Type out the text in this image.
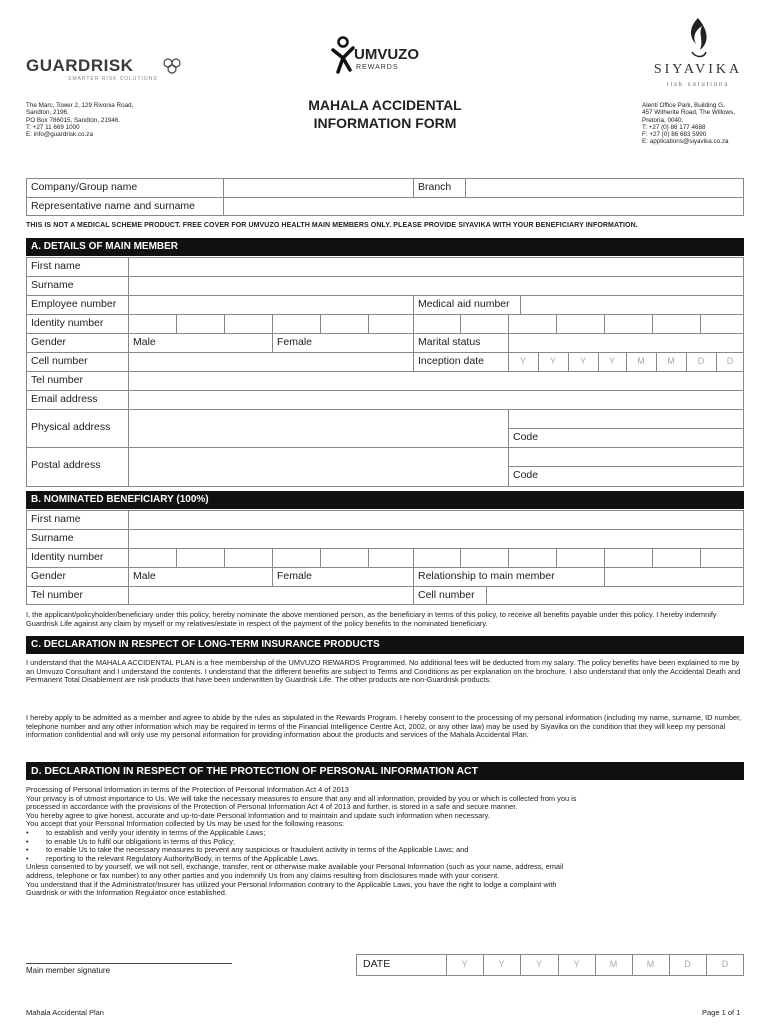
GUARDRISK
SMARTER RISK SOLUTIONS
UMVUZO
REWARDS	SIYAVIKA
risk solutions
The Marc, Tower 2, 129 Rivonia Road,
Sandton, 2196.
PO Box 786015, Sandton, 21946.
T: +27 11 669 1000
E: info@guardrisk.co.za
Alenti Office Park, Building G,
457 Witherite Road, The Willows,
Pretoria, 0040.
T: +27 (0) 86 177 4688
F: +27 (0) 86 683 5990
E: applications@siyavika.co.za
MAHALA ACCIDENTAL
INFORMATION FORM
Company/Group name	Branch
Representative name and surname
THIS IS NOT A MEDICAL SCHEME PRODUCT. FREE COVER FOR UMVUZO HEALTH MAIN MEMBERS ONLY. PLEASE PROVIDE SIYAVIKA WITH YOUR BENEFICIARY INFORMATION.
A. DETAILS OF MAIN MEMBER
First name
Surname
Employee number	Medical aid number
Identity number
Gender	Male	Female	Marital status
Cell number	Inception date	Y	Y	Y	Y	M	M	D	D
Tel number
Email address
Physical address
Code
Postal address
Code
B. NOMINATED BENEFICIARY (100%)
First name
Surname
Identity number
Gender	Male	Female	Relationship to main member
Tel number	Cell number
I, the applicant/policyholder/beneficiary under this policy, hereby nominate the above mentioned person, as the beneficiary in terms of this policy, to receive all benefits payable under this policy. I hereby indemnify Guardrisk Life against any claim by myself or my relatives/estate in respect of the payment of the policy benefits to the nominated beneficiary.
C. DECLARATION IN RESPECT OF LONG-TERM INSURANCE PRODUCTS
I understand that the MAHALA ACCIDENTAL PLAN is a free membership of the UMVUZO REWARDS Programmed. No additional fees will be deducted from my salary. The policy benefits have been explained to me by an Umvuzo Consultant and I understand the contents. I understand that the different benefits are subject to Terms and Conditions as per explanation on the brochure. I also understand that only the Accidental Death and Permanent Total Disablement are risk products that have been underwritten by Guardrisk Life. The other products are non-Guardrisk products.
I hereby apply to be admitted as a member and agree to abide by the rules as stipulated in the Rewards Program. I hereby consent to the processing of my personal information (including my name, surname, ID number, telephone number and any other information which may be required in terms of the Financial Intelligence Centre Act, 2002, or any other law) may be used by Siyavika on the condition that they will keep my personal information confidential and will only use my personal information for providing information about the products and services of the Mahala Accidental Plan.
D. DECLARATION IN RESPECT OF THE PROTECTION OF PERSONAL INFORMATION ACT
Processing of Personal Information in terms of the Protection of Personal Information Act 4 of 2013
Your privacy is of utmost importance to Us. We will take the necessary measures to ensure that any and all information, provided by you or which is collected from you is
processed in accordance with the provisions of the Protection of Personal Information Act 4 of 2013 and further, is stored in a safe and secure manner.
You hereby agree to give honest, accurate and up-to-date Personal Information and to maintain and update such information when necessary.
You accept that your Personal Information collected by Us may be used for the following reasons:
• to establish and verify your identity in terms of the Applicable Laws;
• to enable Us to fulfil our obligations in terms of this Policy;
• to enable Us to take the necessary measures to prevent any suspicious or fraudulent activity in terms of the Applicable Laws; and
• reporting to the relevant Regulatory Authority/Body, in terms of the Applicable Laws.
Unless consented to by yourself, we will not sell, exchange, transfer, rent or otherwise make available your Personal Information (such as your name, address, email
address, telephone or fax number) to any other parties and you indemnify Us from any claims resulting from disclosures made with your consent.
You understand that if the Administrator/Insurer has utilized your Personal Information contrary to the Applicable Laws, you have the right to lodge a complaint with
Guardrisk or with the Information Regulator once established.
Main member signature
DATE	Y	Y	Y	Y	M	M	D	D
Mahala Accidental Plan	Page 1 of 1
